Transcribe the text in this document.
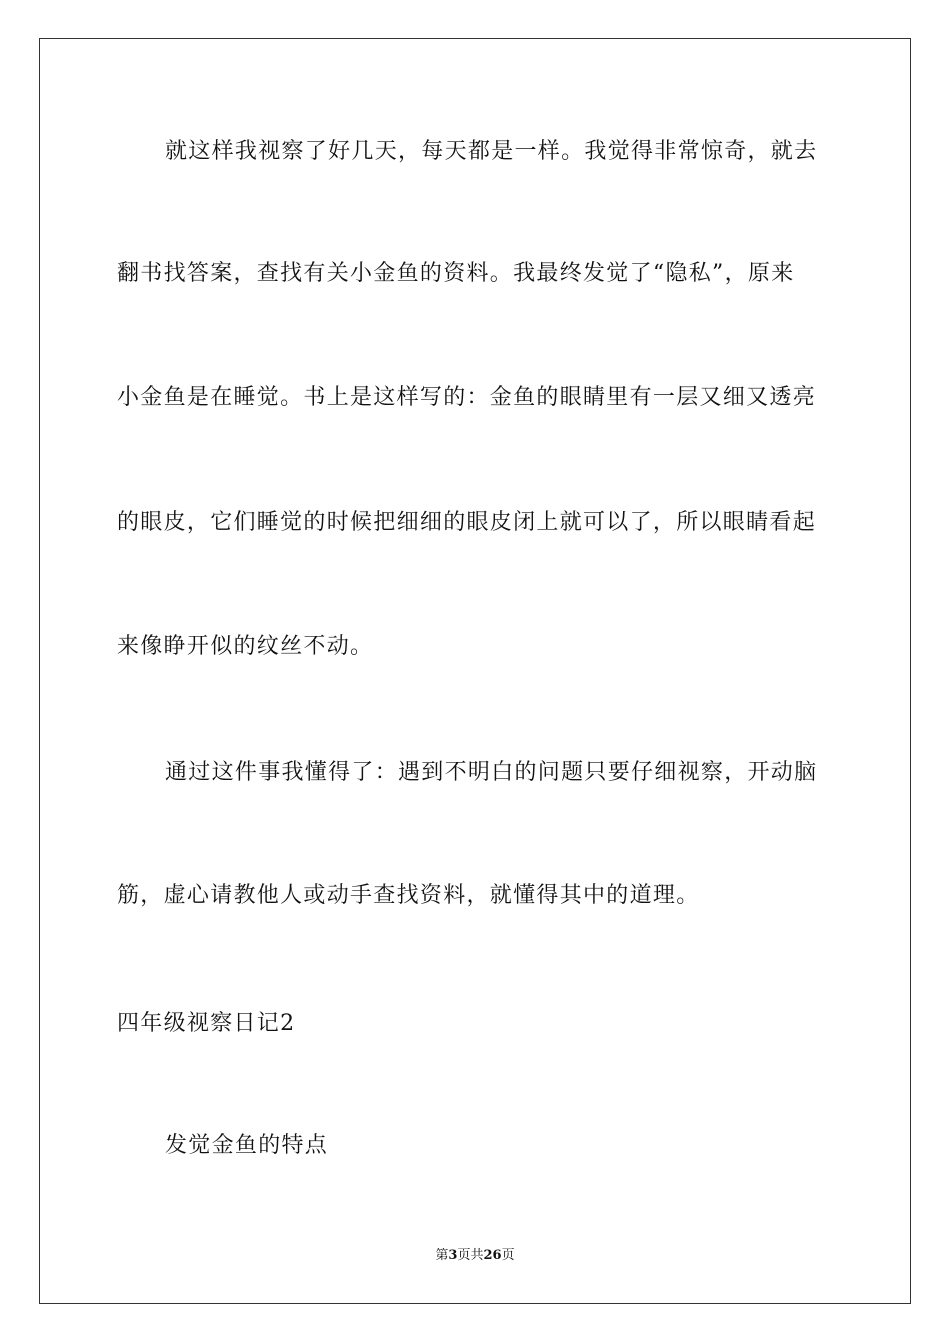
就这样我视察了好几天，每天都是一样。我觉得非常惊奇，就去
翻书找答案，查找有关小金鱼的资料。我最终发觉了“隐私”，原来
小金鱼是在睡觉。书上是这样写的：金鱼的眼睛里有一层又细又透亮
的眼皮，它们睡觉的时候把细细的眼皮闭上就可以了，所以眼睛看起
来像睁开似的纹丝不动。
通过这件事我懂得了：遇到不明白的问题只要仔细视察，开动脑
筋，虚心请教他人或动手查找资料，就懂得其中的道理。
四年级视察日记2
发觉金鱼的特点
第3页共26页
